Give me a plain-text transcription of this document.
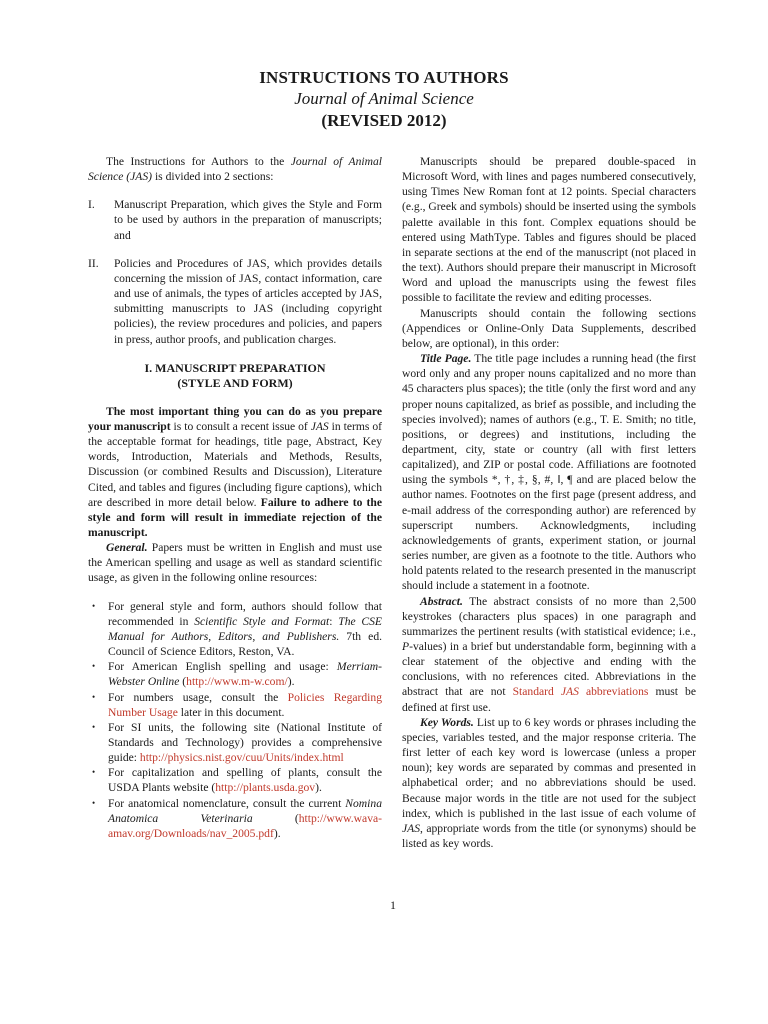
INSTRUCTIONS TO AUTHORS
Journal of Animal Science
(REVISED 2012)

The Instructions for Authors to the Journal of Animal Science (JAS) is divided into 2 sections:

I.	Manuscript Preparation, which gives the Style and Form to be used by authors in the preparation of manuscripts; and
II.	Policies and Procedures of JAS, which provides details concerning the mission of JAS, contact information, care and use of animals, the types of articles accepted by JAS, submitting manuscripts to JAS (including copyright policies), the review procedures and policies, and papers in press, author proofs, and publication charges.
I. MANUSCRIPT PREPARATION
(STYLE AND FORM)

The most important thing you can do as you prepare your manuscript is to consult a recent issue of JAS in terms of the acceptable format for headings, title page, Abstract, Key words, Introduction, Materials and Methods, Results, Discussion (or combined Results and Discussion), Literature Cited, and tables and figures (including figure captions), which are described in more detail below. Failure to adhere to the style and form will result in immediate rejection of the manuscript.

General. Papers must be written in English and must use the American spelling and usage as well as standard scientific usage, as given in the following online resources:

•	For general style and form, authors should follow that recommended in Scientific Style and Format: The CSE Manual for Authors, Editors, and Publishers. 7th ed. Council of Science Editors, Reston, VA.
•	For American English spelling and usage: Merriam-Webster Online (http://www.m-w.com/).
•	For numbers usage, consult the Policies Regarding Number Usage later in this document.
•	For SI units, the following site (National Institute of Standards and Technology) provides a comprehensive guide: http://physics.nist.gov/cuu/Units/index.html
•	For capitalization and spelling of plants, consult the USDA Plants website (http://plants.usda.gov).
•	For anatomical nomenclature, consult the current Nomina Anatomica Veterinaria (http://www.wava-amav.org/Downloads/nav_2005.pdf).

Manuscripts should be prepared double-spaced in Microsoft Word, with lines and pages numbered consecutively, using Times New Roman font at 12 points. Special characters (e.g., Greek and symbols) should be inserted using the symbols palette available in this font. Complex equations should be entered using MathType. Tables and figures should be placed in separate sections at the end of the manuscript (not placed in the text). Authors should prepare their manuscript in Microsoft Word and upload the manuscripts using the fewest files possible to facilitate the review and editing processes.

Manuscripts should contain the following sections (Appendices or Online-Only Data Supplements, described below, are optional), in this order:

Title Page. The title page includes a running head (the first word only and any proper nouns capitalized and no more than 45 characters plus spaces); the title (only the first word and any proper nouns capitalized, as brief as possible, and including the species involved); names of authors (e.g., T. E. Smith; no title, positions, or degrees) and institutions, including the department, city, state or country (all with first letters capitalized), and ZIP or postal code. Affiliations are footnoted using the symbols *, †, ‡, §, #, ‖, ¶ and are placed below the author names. Footnotes on the first page (present address, and e-mail address of the corresponding author) are referenced by superscript numbers. Acknowledgments, including acknowledgements of grants, experiment station, or journal series number, are given as a footnote to the title. Authors who hold patents related to the research presented in the manuscript should include a statement in a footnote.

Abstract. The abstract consists of no more than 2,500 keystrokes (characters plus spaces) in one paragraph and summarizes the pertinent results (with statistical evidence; i.e., P-values) in a brief but understandable form, beginning with a clear statement of the objective and ending with the conclusions, with no references cited. Abbreviations in the abstract that are not Standard JAS abbreviations must be defined at first use.

Key Words. List up to 6 key words or phrases including the species, variables tested, and the major response criteria. The first letter of each key word is lowercase (unless a proper noun); key words are separated by commas and presented in alphabetical order; and no abbreviations should be used. Because major words in the title are not used for the subject index, which is published in the last issue of each volume of JAS, appropriate words from the title (or synonyms) should be listed as key words.

1
